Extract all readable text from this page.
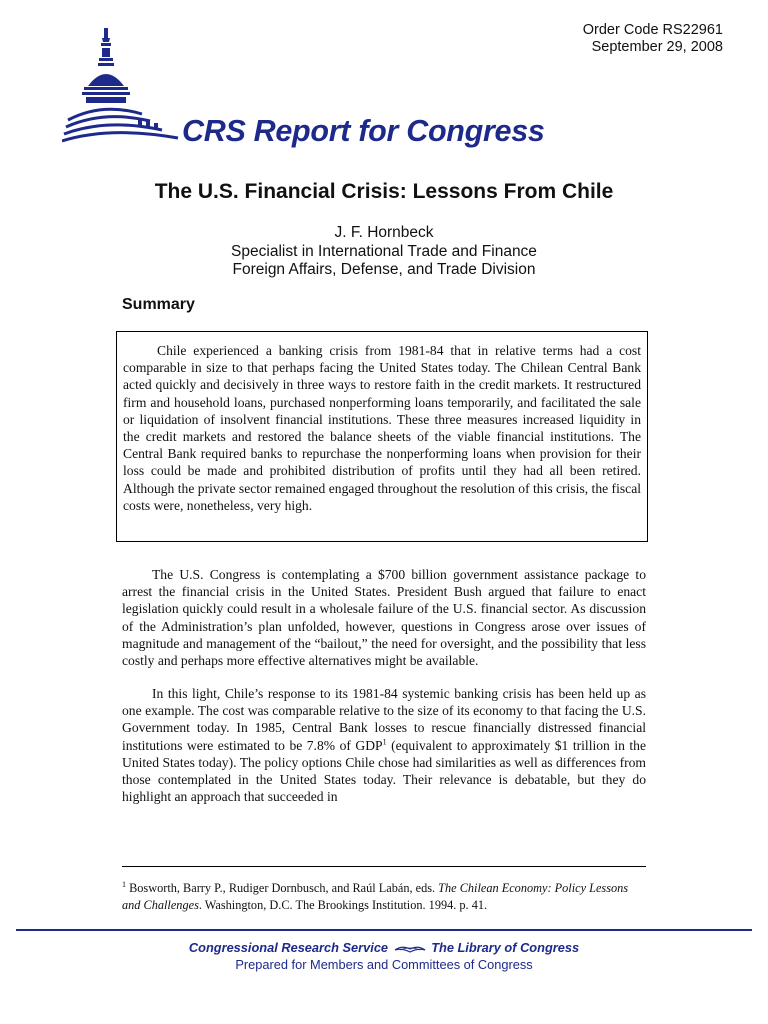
Order Code RS22961
September 29, 2008
CRS Report for Congress
The U.S. Financial Crisis: Lessons From Chile
J. F. Hornbeck
Specialist in International Trade and Finance
Foreign Affairs, Defense, and Trade Division
Summary

Chile experienced a banking crisis from 1981-84 that in relative terms had a cost comparable in size to that perhaps facing the United States today. The Chilean Central Bank acted quickly and decisively in three ways to restore faith in the credit markets. It restructured firm and household loans, purchased nonperforming loans temporarily, and facilitated the sale or liquidation of insolvent financial institutions. These three measures increased liquidity in the credit markets and restored the balance sheets of the viable financial institutions. The Central Bank required banks to repurchase the nonperforming loans when provision for their loss could be made and prohibited distribution of profits until they had all been retired. Although the private sector remained engaged throughout the resolution of this crisis, the fiscal costs were, nonetheless, very high.

The U.S. Congress is contemplating a $700 billion government assistance package to arrest the financial crisis in the United States. President Bush argued that failure to enact legislation quickly could result in a wholesale failure of the U.S. financial sector. As discussion of the Administration’s plan unfolded, however, questions in Congress arose over issues of magnitude and management of the “bailout,” the need for oversight, and the possibility that less costly and perhaps more effective alternatives might be available.

In this light, Chile’s response to its 1981-84 systemic banking crisis has been held up as one example. The cost was comparable relative to the size of its economy to that facing the U.S. Government today. In 1985, Central Bank losses to rescue financially distressed financial institutions were estimated to be 7.8% of GDP$^1$ (equivalent to approximately $1 trillion in the United States today). The policy options Chile chose had similarities as well as differences from those contemplated in the United States today. Their relevance is debatable, but they do highlight an approach that succeeded in

$^1$ Bosworth, Barry P., Rudiger Dornbusch, and Raúl Labán, eds. The Chilean Economy: Policy Lessons and Challenges. Washington, D.C. The Brookings Institution. 1994. p. 41.
Congressional Research Service	The Library of Congress
Prepared for Members and Committees of Congress
